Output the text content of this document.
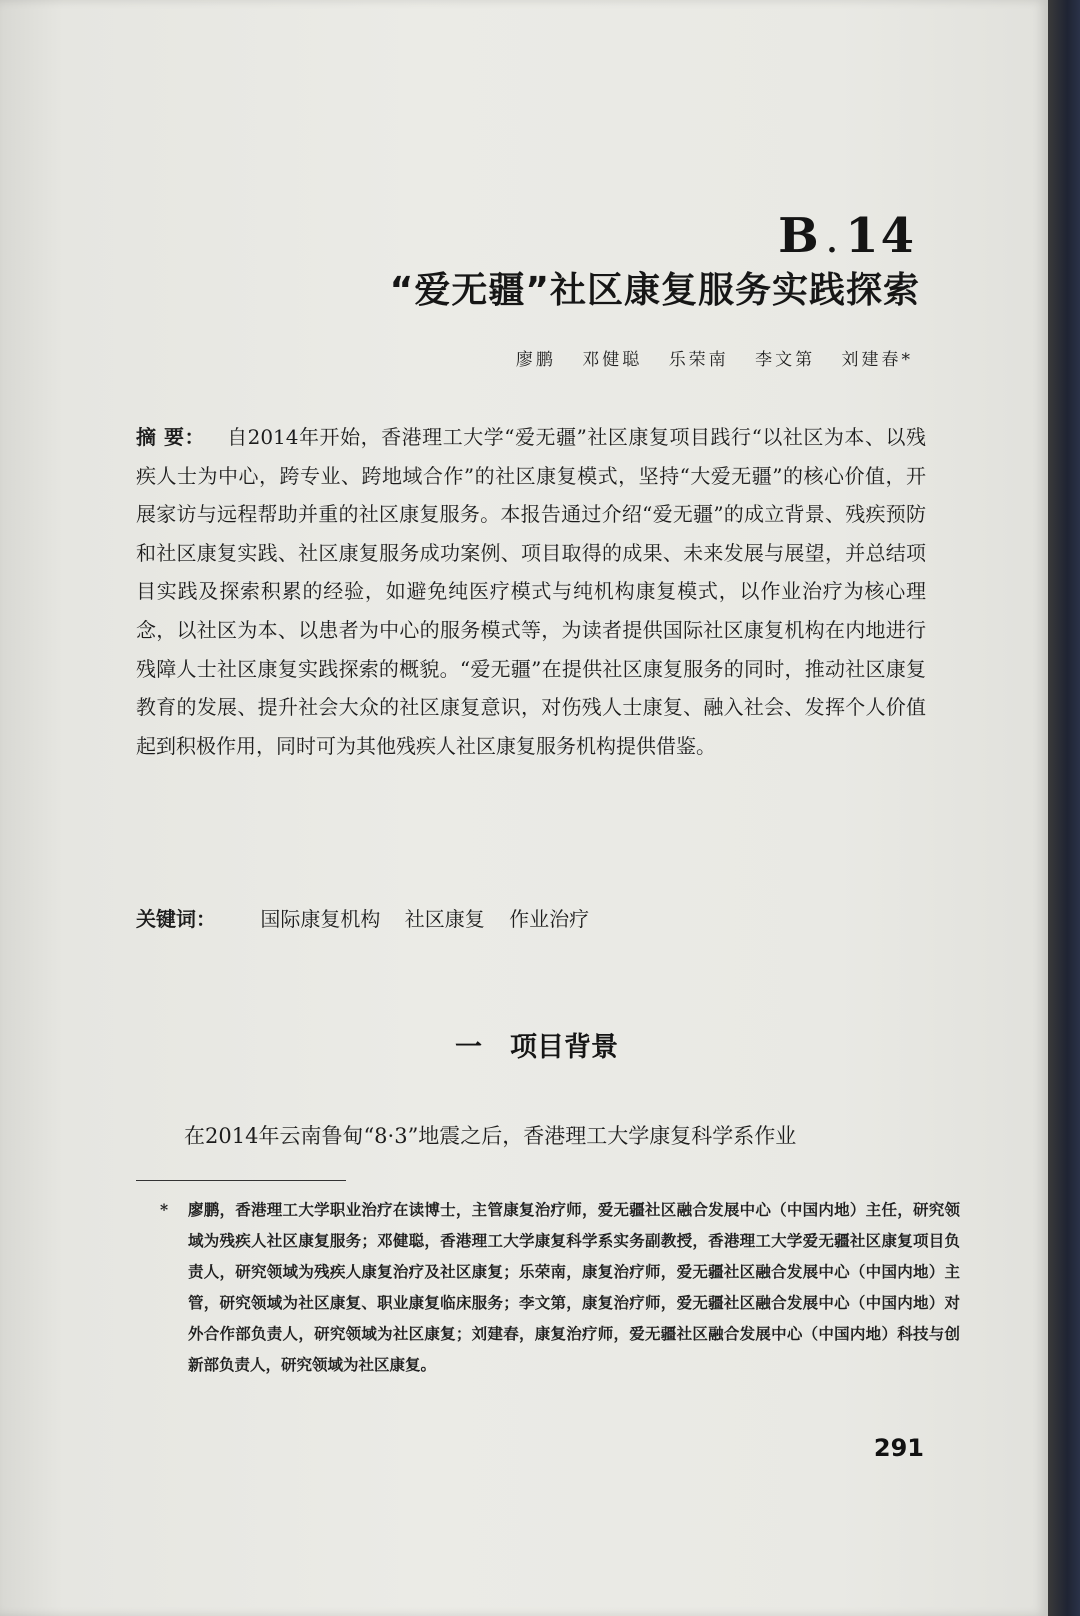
B . 14
“爱无疆”社区康复服务实践探索
廖鹏 邓健聪 乐荣南 李文第 刘建春*
摘 要： 自2014年开始，香港理工大学“爱无疆”社区康复项目践行“以社区为本、以残疾人士为中心，跨专业、跨地域合作”的社区康复模式，坚持“大爱无疆”的核心价值，开展家访与远程帮助并重的社区康复服务。本报告通过介绍“爱无疆”的成立背景、残疾预防和社区康复实践、社区康复服务成功案例、项目取得的成果、未来发展与展望，并总结项目实践及探索积累的经验，如避免纯医疗模式与纯机构康复模式，以作业治疗为核心理念，以社区为本、以患者为中心的服务模式等，为读者提供国际社区康复机构在内地进行残障人士社区康复实践探索的概貌。“爱无疆”在提供社区康复服务的同时，推动社区康复教育的发展、提升社会大众的社区康复意识，对伤残人士康复、融入社会、发挥个人价值起到积极作用，同时可为其他残疾人社区康复服务机构提供借鉴。
关键词： 国际康复机构 社区康复 作业治疗
一 项目背景
在2014年云南鲁甸“8·3”地震之后，香港理工大学康复科学系作业
* 廖鹏，香港理工大学职业治疗在读博士，主管康复治疗师，爱无疆社区融合发展中心（中国内地）主任，研究领域为残疾人社区康复服务；邓健聪，香港理工大学康复科学系实务副教授，香港理工大学爱无疆社区康复项目负责人，研究领域为残疾人康复治疗及社区康复；乐荣南，康复治疗师，爱无疆社区融合发展中心（中国内地）主管，研究领域为社区康复、职业康复临床服务；李文第，康复治疗师，爱无疆社区融合发展中心（中国内地）对外合作部负责人，研究领域为社区康复；刘建春，康复治疗师，爱无疆社区融合发展中心（中国内地）科技与创新部负责人，研究领域为社区康复。
291
